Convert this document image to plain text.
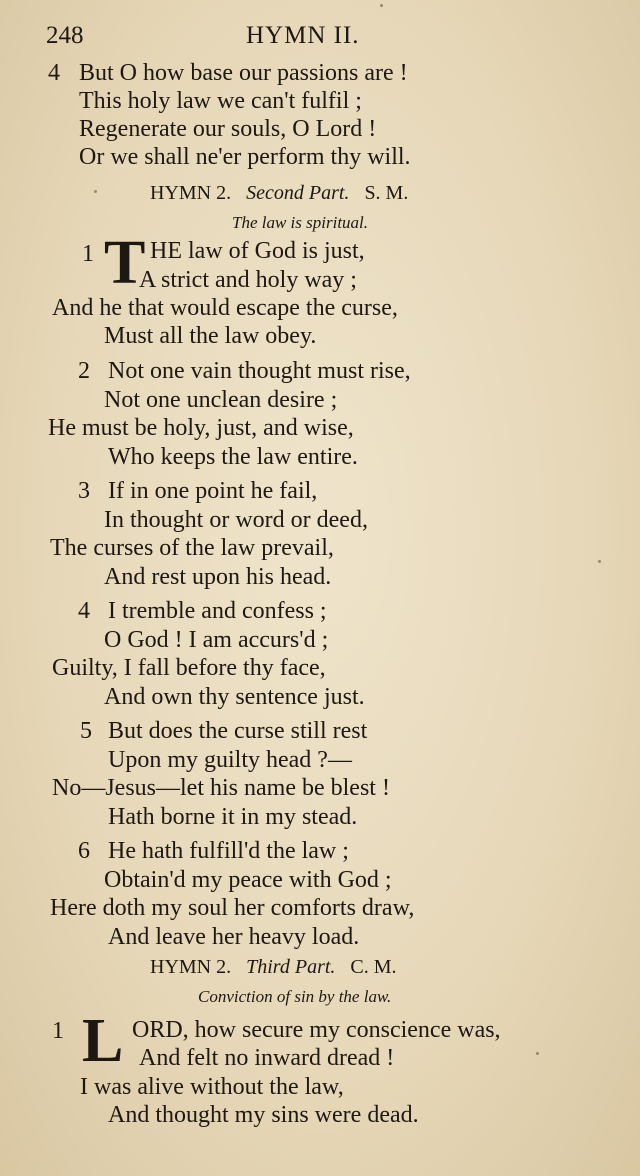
248	HYMN II.
4 But O how base our passions are !
This holy law we can't fulfil ;
Regenerate our souls, O Lord !
Or we shall ne'er perform thy will.
HYMN 2. Second Part. S. M.
The law is spiritual.
1 T HE law of God is just,
A strict and holy way ;
And he that would escape the curse,
Must all the law obey.
2 Not one vain thought must rise,
Not one unclean desire ;
He must be holy, just, and wise,
Who keeps the law entire.
3 If in one point he fail,
In thought or word or deed,
The curses of the law prevail,
And rest upon his head.
4 I tremble and confess ;
O God ! I am accurs'd ;
Guilty, I fall before thy face,
And own thy sentence just.
5 But does the curse still rest
Upon my guilty head ?—
No—Jesus—let his name be blest !
Hath borne it in my stead.
6 He hath fulfill'd the law ;
Obtain'd my peace with God ;
Here doth my soul her comforts draw,
And leave her heavy load.
HYMN 2. Third Part. C. M.
Conviction of sin by the law.
1 L ORD, how secure my conscience was,
And felt no inward dread !
I was alive without the law,
And thought my sins were dead.
